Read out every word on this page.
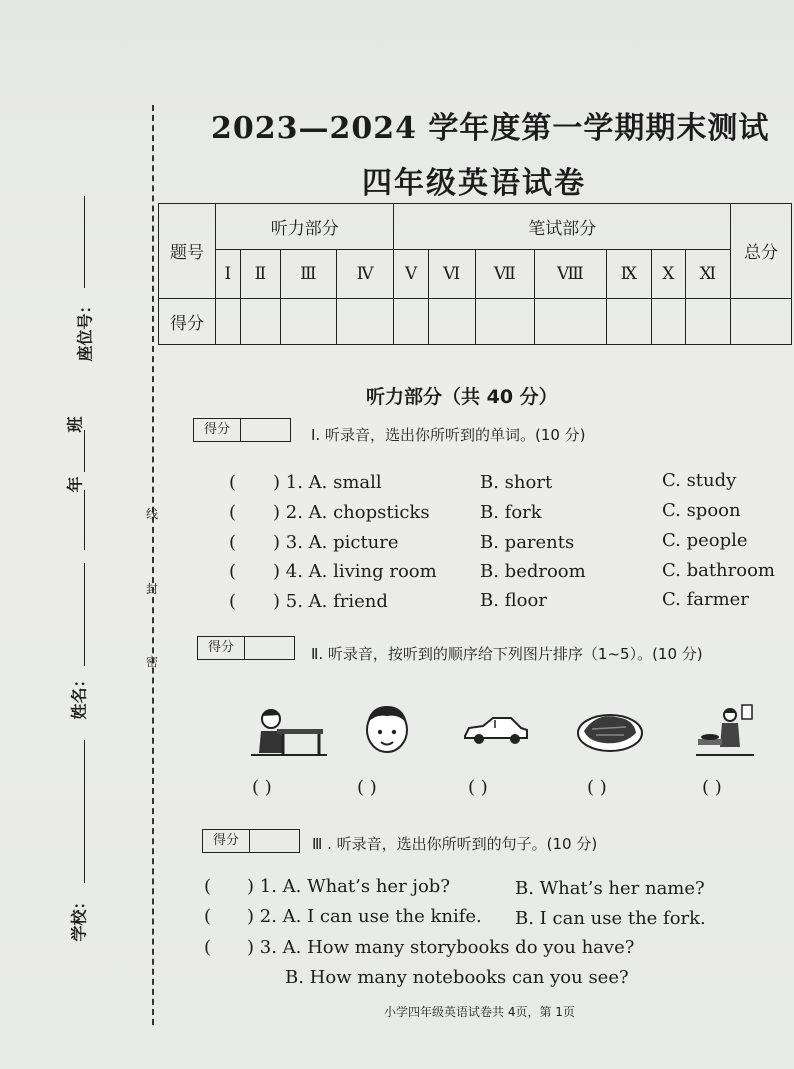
线
封
密
座位号：
班
年
姓名：
学校：
2023—2024 学年度第一学期期末测试
四年级英语试卷
题号	听力部分				笔试部分							总分
	Ⅰ	Ⅱ	Ⅲ	Ⅳ	Ⅴ	Ⅵ	Ⅶ	Ⅷ	Ⅸ	Ⅹ	Ⅺ	
得分												
听力部分（共 40 分）
得分	Ⅰ. 听录音，选出你所听到的单词。(10 分)
( ) 1. A. small	B. short	C. study
( ) 2. A. chopsticks	B. fork	C. spoon
( ) 3. A. picture	B. parents	C. people
( ) 4. A. living room B. bedroom	C. bathroom
( ) 5. A. friend	B. floor	C. farmer
得分	Ⅱ. 听录音，按听到的顺序给下列图片排序（1~5）。(10 分)
( )	( )	( )	( )	( )
得分	Ⅲ . 听录音，选出你所听到的句子。(10 分)
( ) 1. A. What’s her job?	B. What’s her name?
( ) 2. A. I can use the knife. B. I can use the fork.
( ) 3. A. How many storybooks do you have?
B. How many notebooks can you see?
小学四年级英语试卷共 4页，第 1页
